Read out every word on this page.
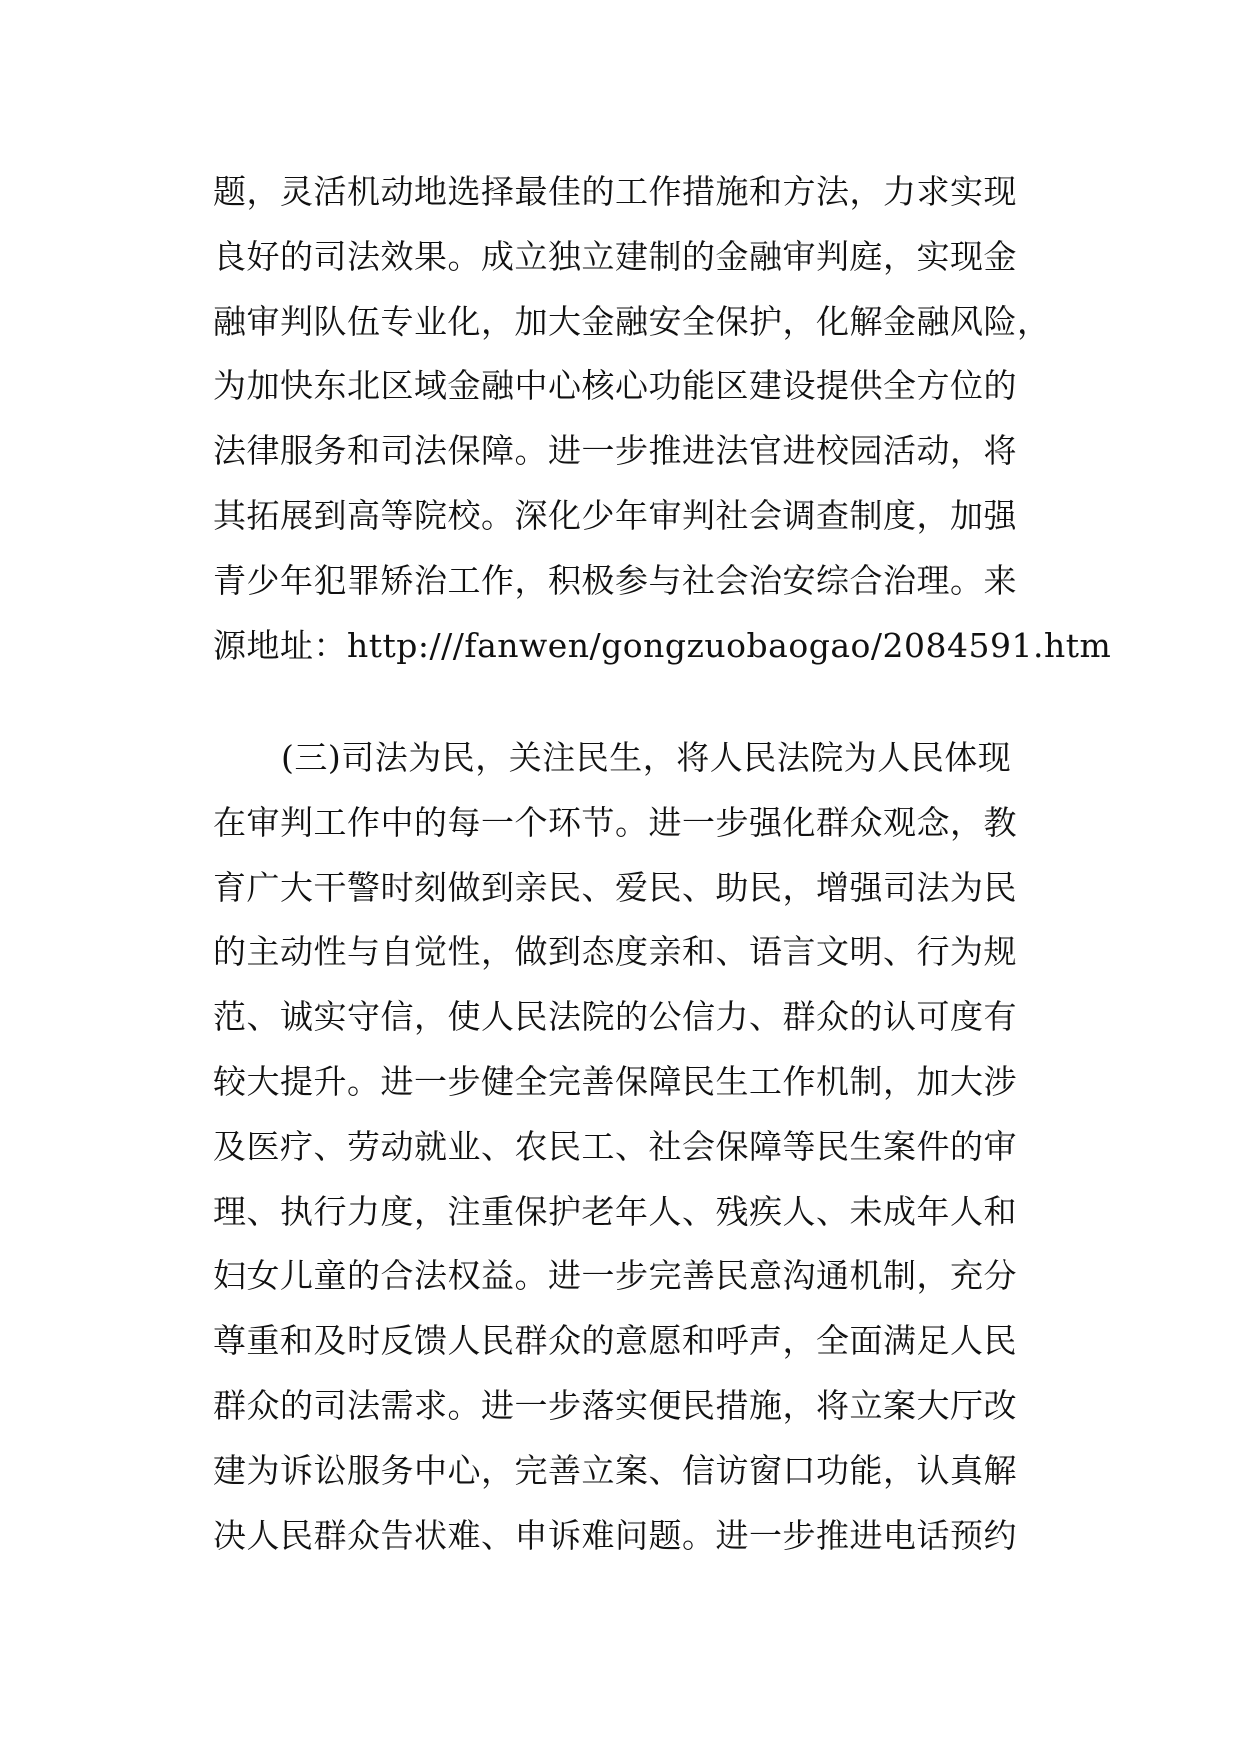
题，灵活机动地选择最佳的工作措施和方法，力求实现
良好的司法效果。成立独立建制的金融审判庭，实现金
融审判队伍专业化，加大金融安全保护，化解金融风险，
为加快东北区域金融中心核心功能区建设提供全方位的
法律服务和司法保障。进一步推进法官进校园活动，将
其拓展到高等院校。深化少年审判社会调查制度，加强
青少年犯罪矫治工作，积极参与社会治安综合治理。来
源地址：http:///fanwen/gongzuobaogao/2084591.htm
(三)司法为民，关注民生，将人民法院为人民体现
在审判工作中的每一个环节。进一步强化群众观念，教
育广大干警时刻做到亲民、爱民、助民，增强司法为民
的主动性与自觉性，做到态度亲和、语言文明、行为规
范、诚实守信，使人民法院的公信力、群众的认可度有
较大提升。进一步健全完善保障民生工作机制，加大涉
及医疗、劳动就业、农民工、社会保障等民生案件的审
理、执行力度，注重保护老年人、残疾人、未成年人和
妇女儿童的合法权益。进一步完善民意沟通机制，充分
尊重和及时反馈人民群众的意愿和呼声，全面满足人民
群众的司法需求。进一步落实便民措施，将立案大厅改
建为诉讼服务中心，完善立案、信访窗口功能，认真解
决人民群众告状难、申诉难问题。进一步推进电话预约
